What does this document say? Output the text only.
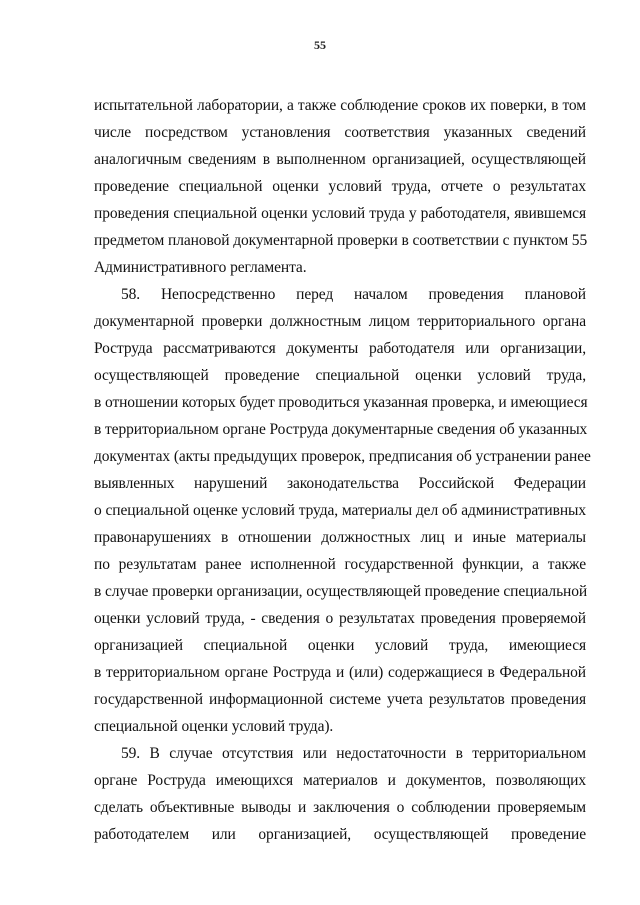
55
испытательной лаборатории, а также соблюдение сроков их поверки, в том
числе посредством установления соответствия указанных сведений
аналогичным сведениям в выполненном организацией, осуществляющей
проведение специальной оценки условий труда, отчете о результатах
проведения специальной оценки условий труда у работодателя, явившемся
предметом плановой документарной проверки в соответствии с пунктом 55
Административного регламента.
58. Непосредственно перед началом проведения плановой
документарной проверки должностным лицом территориального органа
Роструда рассматриваются документы работодателя или организации,
осуществляющей проведение специальной оценки условий труда,
в отношении которых будет проводиться указанная проверка, и имеющиеся
в территориальном органе Роструда документарные сведения об указанных
документах (акты предыдущих проверок, предписания об устранении ранее
выявленных нарушений законодательства Российской Федерации
о специальной оценке условий труда, материалы дел об административных
правонарушениях в отношении должностных лиц и иные материалы
по результатам ранее исполненной государственной функции, а также
в случае проверки организации, осуществляющей проведение специальной
оценки условий труда, - сведения о результатах проведения проверяемой
организацией специальной оценки условий труда, имеющиеся
в территориальном органе Роструда и (или) содержащиеся в Федеральной
государственной информационной системе учета результатов проведения
специальной оценки условий труда).
59. В случае отсутствия или недостаточности в территориальном
органе Роструда имеющихся материалов и документов, позволяющих
сделать объективные выводы и заключения о соблюдении проверяемым
работодателем или организацией, осуществляющей проведение
